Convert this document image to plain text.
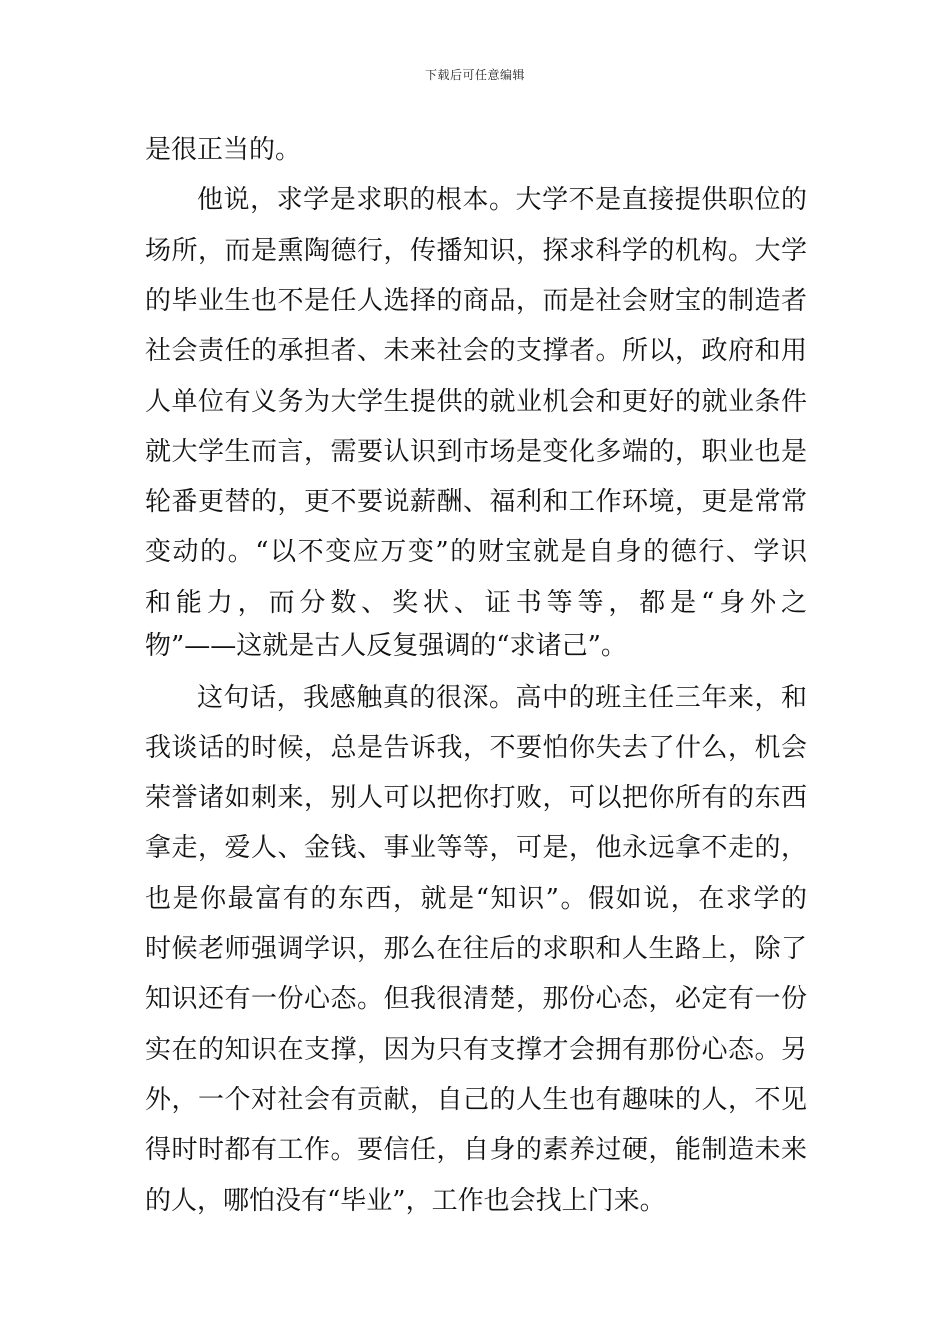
下载后可任意编辑
是很正当的。
他说，求学是求职的根本。大学不是直接提供职位的
场所，而是熏陶德行，传播知识，探求科学的机构。大学
的毕业生也不是任人选择的商品，而是社会财宝的制造者
社会责任的承担者、未来社会的支撑者。所以，政府和用
人单位有义务为大学生提供的就业机会和更好的就业条件
就大学生而言，需要认识到市场是变化多端的，职业也是
轮番更替的，更不要说薪酬、福利和工作环境，更是常常
变动的。“以不变应万变”的财宝就是自身的德行、学识
和能力，而分数、奖状、证书等等，都是“身外之
物”——这就是古人反复强调的“求诸己”。
这句话，我感触真的很深。高中的班主任三年来，和
我谈话的时候，总是告诉我，不要怕你失去了什么，机会
荣誉诸如刺来，别人可以把你打败，可以把你所有的东西
拿走，爱人、金钱、事业等等，可是，他永远拿不走的，
也是你最富有的东西，就是“知识”。假如说，在求学的
时候老师强调学识，那么在往后的求职和人生路上，除了
知识还有一份心态。但我很清楚，那份心态，必定有一份
实在的知识在支撑，因为只有支撑才会拥有那份心态。另
外，一个对社会有贡献，自己的人生也有趣味的人，不见
得时时都有工作。要信任，自身的素养过硬，能制造未来
的人，哪怕没有“毕业”，工作也会找上门来。
